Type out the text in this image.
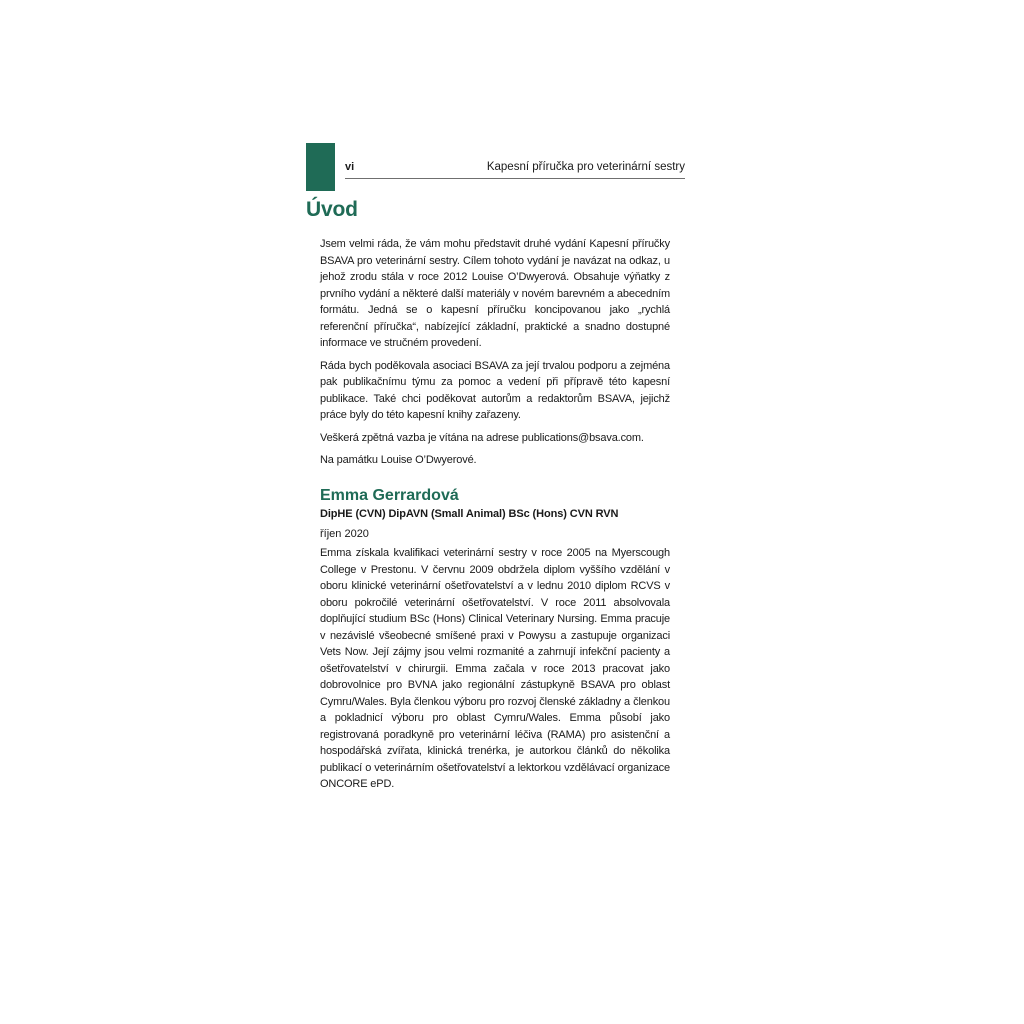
vi	Kapesní příručka pro veterinární sestry
Úvod

Jsem velmi ráda, že vám mohu představit druhé vydání Kapesní příručky BSAVA pro veterinární sestry. Cílem tohoto vydání je navázat na odkaz, u jehož zrodu stála v roce 2012 Louise O’Dwyerová. Obsahuje výňatky z prvního vydání a některé další materiály v novém barevném a abecedním formátu. Jedná se o kapesní příručku koncipovanou jako „rychlá referenční příručka“, nabízející základní, praktické a snadno dostupné informace ve stručném provedení.

Ráda bych poděkovala asociaci BSAVA za její trvalou podporu a zejména pak publikačnímu týmu za pomoc a vedení při přípravě této kapesní publikace. Také chci poděkovat autorům a redaktorům BSAVA, jejichž práce byly do této kapesní knihy zařazeny.

Veškerá zpětná vazba je vítána na adrese publications@bsava.com.

Na památku Louise O’Dwyerové.

Emma Gerrardová
DipHE (CVN) DipAVN (Small Animal) BSc (Hons) CVN RVN
říjen 2020

Emma získala kvalifikaci veterinární sestry v roce 2005 na Myerscough College v Prestonu. V červnu 2009 obdržela diplom vyššího vzdělání v oboru klinické veterinární ošetřovatelství a v lednu 2010 diplom RCVS v oboru pokročilé veterinární ošetřovatelství. V roce 2011 absolvovala doplňující studium BSc (Hons) Clinical Veterinary Nursing. Emma pracuje v nezávislé všeobecné smíšené praxi v Powysu a zastupuje organizaci Vets Now. Její zájmy jsou velmi rozmanité a zahrnují infekční pacienty a ošetřovatelství v chirurgii. Emma začala v roce 2013 pracovat jako dobrovolnice pro BVNA jako regionální zástupkyně BSAVA pro oblast Cymru/Wales. Byla členkou výboru pro rozvoj členské základny a členkou a pokladnicí výboru pro oblast Cymru/Wales. Emma působí jako registrovaná poradkyně pro veterinární léčiva (RAMA) pro asistenční a hospodářská zvířata, klinická trenérka, je autorkou článků do několika publikací o veterinárním ošetřovatelství a lektorkou vzdělávací organizace ONCORE ePD.
